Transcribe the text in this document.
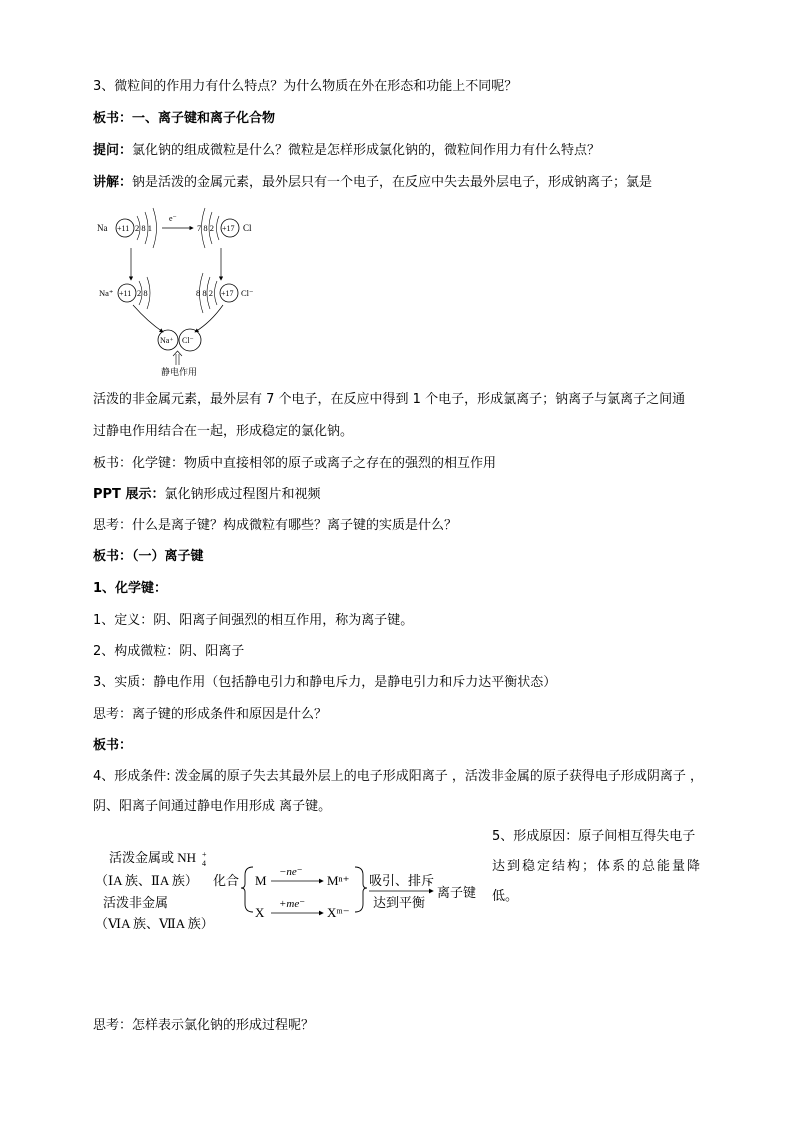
3、微粒间的作用力有什么特点？为什么物质在外在形态和功能上不同呢？
板书：一、离子键和离子化合物
提问：氯化钠的组成微粒是什么？微粒是怎样形成氯化钠的，微粒间作用力有什么特点？
讲解：钠是活泼的金属元素，最外层只有一个电子，在反应中失去最外层电子，形成钠离子；氯是
Na +11 2 8 1
e⁻
7 8 2 +17 Cl
Na⁺ +11 2 8	8 8 2 +17 Cl⁻
Na⁺ Cl⁻
静电作用
活泼的非金属元素，最外层有 7 个电子，在反应中得到 1 个电子，形成氯离子；钠离子与氯离子之间通
过静电作用结合在一起，形成稳定的氯化钠。
板书：化学键：物质中直接相邻的原子或离子之存在的强烈的相互作用
PPT 展示：氯化钠形成过程图片和视频
思考：什么是离子键？构成微粒有哪些？离子键的实质是什么？
板书：（一）离子键
1、化学键：
1、定义：阴、阳离子间强烈的相互作用，称为离子键。
2、构成微粒：阴、阳离子
3、实质：静电作用（包括静电引力和静电斥力，是静电引力和斥力达平衡状态）
思考：离子键的形成条件和原因是什么？
板书：
4、形成条件: 泼金属的原子失去其最外层上的电子形成阳离子 ，活泼非金属的原子获得电子形成阴离子 ，
阴、阳离子间通过静电作用形成 离子键。
活泼金属或 NH +
4
（ⅠA 族、ⅡA 族）
活泼非金属
（ⅥA 族、ⅦA 族）
化合 M
−ne⁻
Mⁿ⁺
X
+me⁻
Xᵐ⁻
吸引、排斥
达到平衡
离子键
5、形成原因：原子间相互得失电子
达到稳定结构；体系的总能量降
低。
思考：怎样表示氯化钠的形成过程呢？
